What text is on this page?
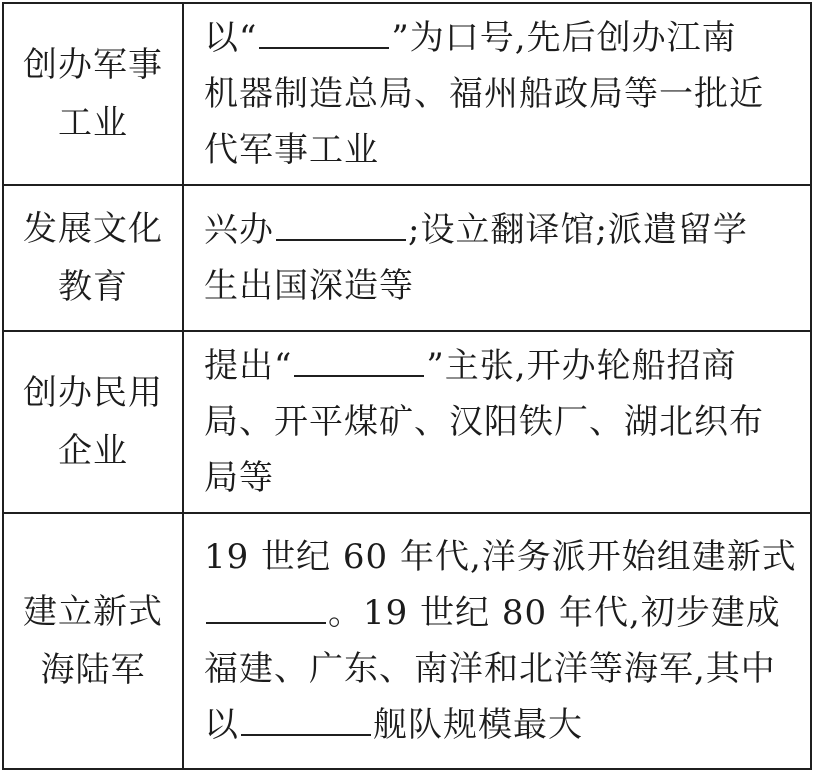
创办军事
工业	以“ ”为口号,先后创办江南
机器制造总局、福州船政局等一批近
代军事工业

发展文化
教育	兴办 ;设立翻译馆;派遣留学
生出国深造等

创办民用
企业	提出“ ”主张,开办轮船招商
局、开平煤矿、汉阳铁厂、湖北织布
局等

建立新式
海陆军	19 世纪 60 年代,洋务派开始组建新式
。19 世纪 80 年代,初步建成
福建、广东、南洋和北洋等海军,其中
以 舰队规模最大
